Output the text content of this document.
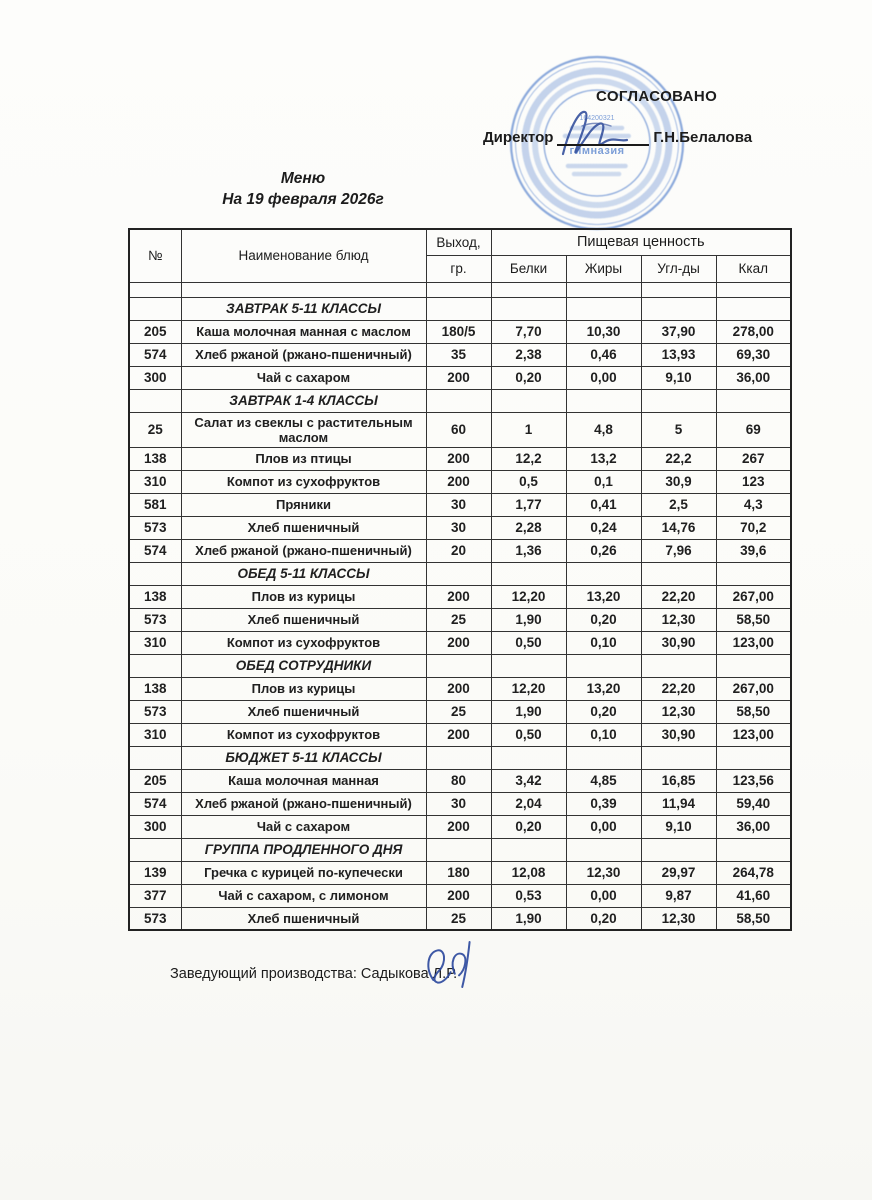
164200321
гимназия
СОГЛАСОВАНО
Директор	Г.Н.Белалова
Меню
На 19 февраля 2026г
№	Наименование блюд	Выход,	Пищевая ценность			
		гр.	Белки	Жиры	Угл-ды	Ккал

	ЗАВТРАК 5-11 КЛАССЫ					
205	Каша молочная манная с маслом	180/5	7,70	10,30	37,90	278,00
574	Хлеб ржаной (ржано-пшеничный)	35	2,38	0,46	13,93	69,30
300	Чай с сахаром	200	0,20	0,00	9,10	36,00
	ЗАВТРАК 1-4 КЛАССЫ					
25	Салат из свеклы с растительным маслом	60	1	4,8	5	69
138	Плов из птицы	200	12,2	13,2	22,2	267
310	Компот из сухофруктов	200	0,5	0,1	30,9	123
581	Пряники	30	1,77	0,41	2,5	4,3
573	Хлеб пшеничный	30	2,28	0,24	14,76	70,2
574	Хлеб ржаной (ржано-пшеничный)	20	1,36	0,26	7,96	39,6
	ОБЕД 5-11 КЛАССЫ					
138	Плов из курицы	200	12,20	13,20	22,20	267,00
573	Хлеб пшеничный	25	1,90	0,20	12,30	58,50
310	Компот из сухофруктов	200	0,50	0,10	30,90	123,00
	ОБЕД СОТРУДНИКИ					
138	Плов из курицы	200	12,20	13,20	22,20	267,00
573	Хлеб пшеничный	25	1,90	0,20	12,30	58,50
310	Компот из сухофруктов	200	0,50	0,10	30,90	123,00
	БЮДЖЕТ 5-11 КЛАССЫ					
205	Каша молочная манная	80	3,42	4,85	16,85	123,56
574	Хлеб ржаной (ржано-пшеничный)	30	2,04	0,39	11,94	59,40
300	Чай с сахаром	200	0,20	0,00	9,10	36,00
	ГРУППА ПРОДЛЕННОГО ДНЯ					
139	Гречка с курицей по-купечески	180	12,08	12,30	29,97	264,78
377	Чай с сахаром, с лимоном	200	0,53	0,00	9,87	41,60
573	Хлеб пшеничный	25	1,90	0,20	12,30	58,50
Заведующий производства: Садыкова Л.Р.
